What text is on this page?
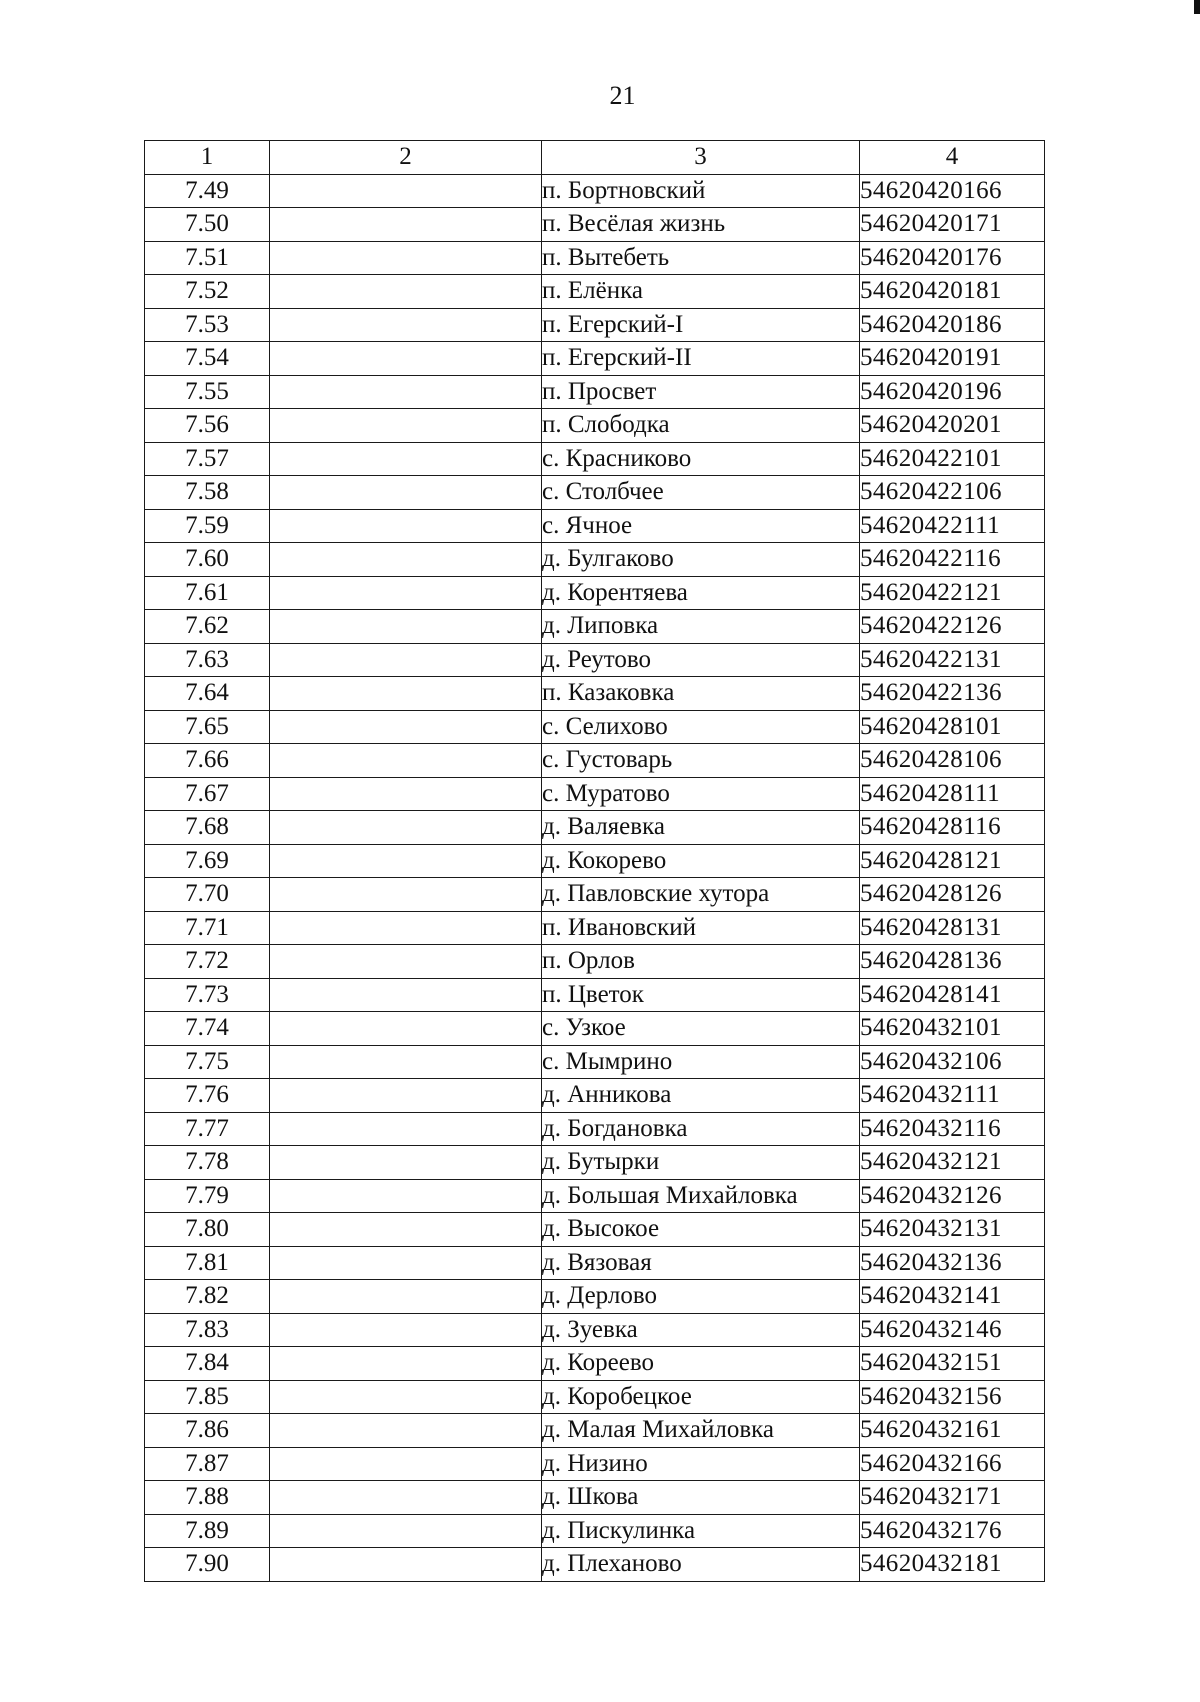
21
1	2	3	4
7.49		п. Бортновский	54620420166
7.50		п. Весёлая жизнь	54620420171
7.51		п. Вытебеть	54620420176
7.52		п. Елёнка	54620420181
7.53		п. Егерский-I	54620420186
7.54		п. Егерский-II	54620420191
7.55		п. Просвет	54620420196
7.56		п. Слободка	54620420201
7.57		с. Красниково	54620422101
7.58		с. Столбчее	54620422106
7.59		с. Ячное	54620422111
7.60		д. Булгаково	54620422116
7.61		д. Корентяева	54620422121
7.62		д. Липовка	54620422126
7.63		д. Реутово	54620422131
7.64		п. Казаковка	54620422136
7.65		с. Селихово	54620428101
7.66		с. Густоварь	54620428106
7.67		с. Муратово	54620428111
7.68		д. Валяевка	54620428116
7.69		д. Кокорево	54620428121
7.70		д. Павловские хутора	54620428126
7.71		п. Ивановский	54620428131
7.72		п. Орлов	54620428136
7.73		п. Цветок	54620428141
7.74		с. Узкое	54620432101
7.75		с. Мымрино	54620432106
7.76		д. Анникова	54620432111
7.77		д. Богдановка	54620432116
7.78		д. Бутырки	54620432121
7.79		д. Большая Михайловка	54620432126
7.80		д. Высокое	54620432131
7.81		д. Вязовая	54620432136
7.82		д. Дерлово	54620432141
7.83		д. Зуевка	54620432146
7.84		д. Кореево	54620432151
7.85		д. Коробецкое	54620432156
7.86		д. Малая Михайловка	54620432161
7.87		д. Низино	54620432166
7.88		д. Шкова	54620432171
7.89		д. Пискулинка	54620432176
7.90		д. Плеханово	54620432181
